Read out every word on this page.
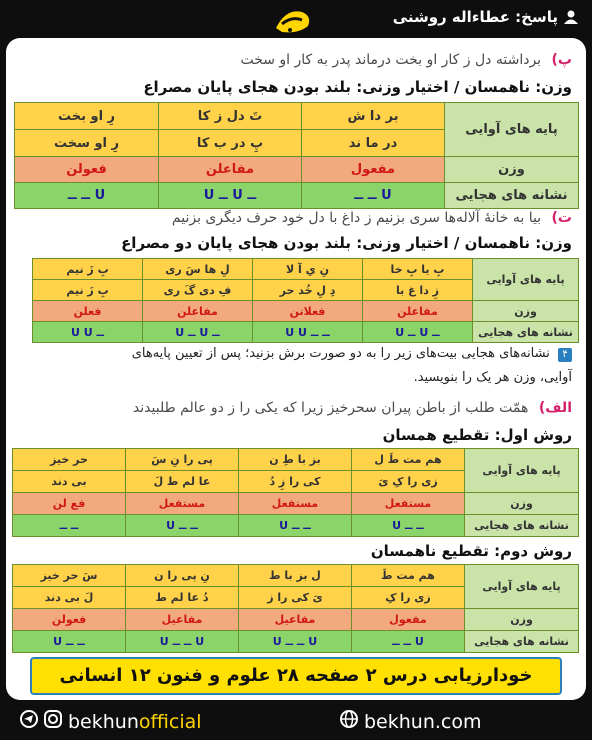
پاسخ: عطاءاله روشنی
پ) برداشته دل ز کار او بخت درماند پدر به کار او سخت
وزن: ناهمسان / اختیار وزنی: بلند بودن هجای پایان مصراع
پایه های آوایی	بر دا ش	تَ دل ز کا	رِ او بخت
	در ما ند	پِ در ب کا	رِ او سخت
وزن	مفعول	مفاعلن	فعولن
نشانه های هجایی	U ــ ــ	ــ U ــ U	U ــ ــ
ت) بیا به خانهٔ آلاله‌ها سری بزنیم ز داغ با دل خود حرف دیگری بزنیم
وزن: ناهمسان / اختیار وزنی: بلند بودن هجای پایان دو مصراع
پایه های آوایی	بِ یا بِ خا	نِ یِ آ لا	لِ ها سَ ری	بِ زَ نیم
	زِ دا غ با	دِ لِ خُد حر	فِ دی گَ ری	بِ زَ نیم
وزن	مفاعلن	فعلاتن	مفاعلن	فعلن
نشانه های هجایی	ــ U ــ U	ــ ــ U U	ــ U ــ U	ــ U U
۴ نشانه‌های هجایی بیت‌های زیر را به دو صورت برش بزنید؛ پس از تعیین پایه‌های
آوایی، وزن هر یک را بنویسید.
الف) همّت طلب از باطن پیران سحرخیز زیرا که یکی را ز دو عالم طلبیدند
روش اول: تقطیع همسان
پایه های آوایی	هم مت طَ ل	بز با طِ ن	پی را نِ سَ	حر خیز
	زی را کِ یَ	کی را زِ دُ	عا لم ط لَ	بی دند
وزن	مستفعل	مستفعل	مستفعل	فع لن
نشانه های هجایی	ــ ــ U	ــ ــ U	ــ ــ U	ــ ــ
روش دوم: تقطیع ناهمسان
پایه های آوایی	هم مت طَ	ل بز با ط	نِ پی را ن	سَ حر خیز
	زی را کِ	یَ کی را ز	دُ عا لم ط	لَ بی دند
وزن	مفعول	مفاعیل	مفاعیل	فعولن
نشانه های هجایی	U ــ ــ	U ــ ــ U	U ــ ــ U	ــ ــ U
خودارزیابی درس ۲ صفحه ۲۸ علوم و فنون ۱۲ انسانی
bekhunofficial	bekhun.com
